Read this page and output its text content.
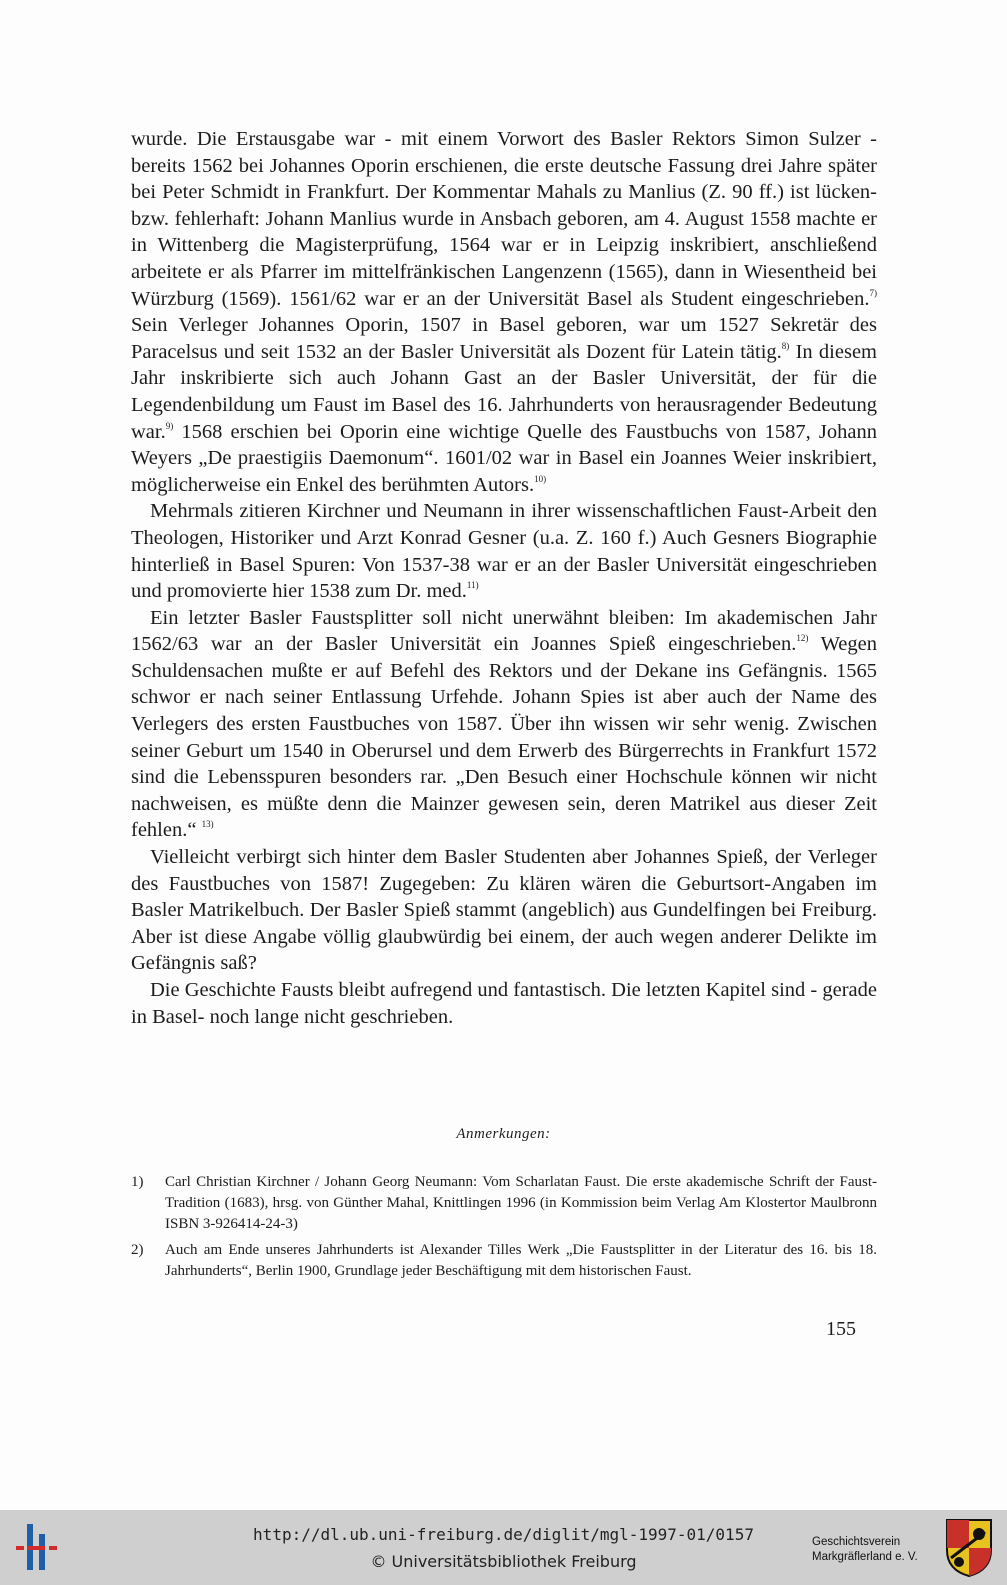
wurde. Die Erstausgabe war - mit einem Vorwort des Basler Rektors Simon Sulzer - bereits 1562 bei Johannes Oporin erschienen, die erste deutsche Fassung drei Jahre später bei Peter Schmidt in Frankfurt. Der Kommentar Mahals zu Manlius (Z. 90 ff.) ist lücken- bzw. fehlerhaft: Johann Manlius wurde in Ansbach geboren, am 4. August 1558 machte er in Wittenberg die Magisterprüfung, 1564 war er in Leipzig inskribiert, anschließend arbeitete er als Pfarrer im mittelfränkischen Langenzenn (1565), dann in Wiesentheid bei Würzburg (1569). 1561/62 war er an der Universität Basel als Student eingeschrieben.$^{7)}$ Sein Verleger Johannes Oporin, 1507 in Basel geboren, war um 1527 Sekretär des Paracelsus und seit 1532 an der Basler Universität als Dozent für Latein tätig.$^{8)}$ In diesem Jahr inskribierte sich auch Johann Gast an der Basler Universität, der für die Legendenbildung um Faust im Basel des 16. Jahrhunderts von herausragender Bedeutung war.$^{9)}$ 1568 erschien bei Oporin eine wichtige Quelle des Faustbuchs von 1587, Johann Weyers „De praestigiis Daemonum“. 1601/02 war in Basel ein Joannes Weier inskribiert, möglicherweise ein Enkel des berühmten Autors.$^{10)}$

Mehrmals zitieren Kirchner und Neumann in ihrer wissenschaftlichen Faust-Arbeit den Theologen, Historiker und Arzt Konrad Gesner (u.a. Z. 160 f.) Auch Gesners Biographie hinterließ in Basel Spuren: Von 1537-38 war er an der Basler Universität eingeschrieben und promovierte hier 1538 zum Dr. med.$^{11)}$

Ein letzter Basler Faustsplitter soll nicht unerwähnt bleiben: Im akademischen Jahr 1562/63 war an der Basler Universität ein Joannes Spieß eingeschrieben.$^{12)}$ Wegen Schuldensachen mußte er auf Befehl des Rektors und der Dekane ins Gefängnis. 1565 schwor er nach seiner Entlassung Urfehde. Johann Spies ist aber auch der Name des Verlegers des ersten Faustbuches von 1587. Über ihn wissen wir sehr wenig. Zwischen seiner Geburt um 1540 in Oberursel und dem Erwerb des Bürgerrechts in Frankfurt 1572 sind die Lebensspuren besonders rar. „Den Besuch einer Hochschule können wir nicht nachweisen, es müßte denn die Mainzer gewesen sein, deren Matrikel aus dieser Zeit fehlen.“ $^{13)}$

Vielleicht verbirgt sich hinter dem Basler Studenten aber Johannes Spieß, der Verleger des Faustbuches von 1587! Zugegeben: Zu klären wären die Geburtsort-Angaben im Basler Matrikelbuch. Der Basler Spieß stammt (angeblich) aus Gundelfingen bei Freiburg. Aber ist diese Angabe völlig glaubwürdig bei einem, der auch wegen anderer Delikte im Gefängnis saß?

Die Geschichte Fausts bleibt aufregend und fantastisch. Die letzten Kapitel sind - gerade in Basel- noch lange nicht geschrieben.

Anmerkungen:
1)	Carl Christian Kirchner / Johann Georg Neumann: Vom Scharlatan Faust. Die erste akademische Schrift der Faust-Tradition (1683), hrsg. von Günther Mahal, Knittlingen 1996 (in Kommission beim Verlag Am Klostertor Maulbronn ISBN 3-926414-24-3)
2)	Auch am Ende unseres Jahrhunderts ist Alexander Tilles Werk „Die Faustsplitter in der Literatur des 16. bis 18. Jahrhunderts“, Berlin 1900, Grundlage jeder Beschäftigung mit dem historischen Faust.
155
http://dl.ub.uni-freiburg.de/diglit/mgl-1997-01/0157
© Universitätsbibliothek Freiburg
Geschichtsverein
Markgräflerland e. V.
